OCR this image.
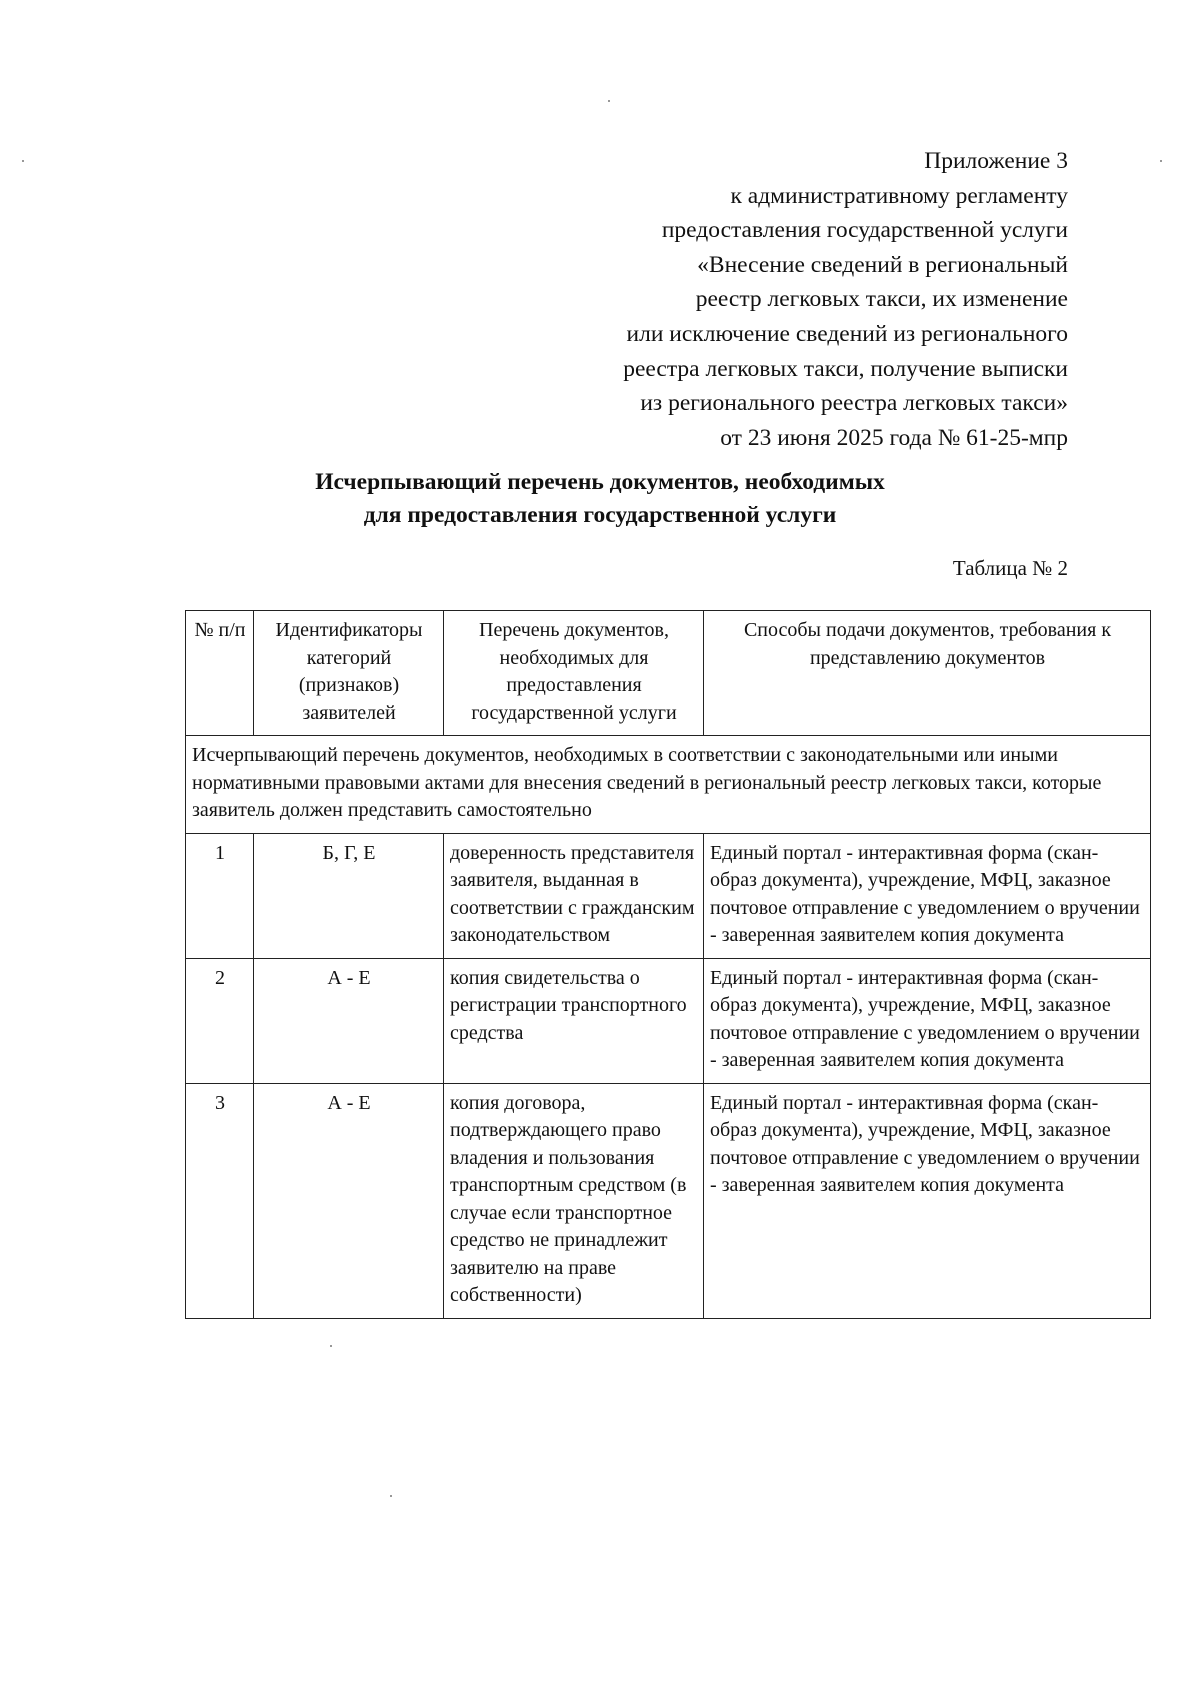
Приложение 3
к административному регламенту
предоставления государственной услуги
«Внесение сведений в региональный
реестр легковых такси, их изменение
или исключение сведений из регионального
реестра легковых такси, получение выписки
из регионального реестра легковых такси»
от 23 июня 2025 года № 61-25-мпр
Исчерпывающий перечень документов, необходимых
для предоставления государственной услуги
Таблица № 2
№ п/п	Идентификаторы категорий (признаков) заявителей	Перечень документов, необходимых для предоставления государственной услуги	Способы подачи документов, требования к представлению документов
Исчерпывающий перечень документов, необходимых в соответствии с законодательными или иными нормативными правовыми актами для внесения сведений в региональный реестр легковых такси, которые заявитель должен представить самостоятельно			
1	Б, Г, Е	доверенность представителя заявителя, выданная в соответствии с гражданским законодательством	Единый портал - интерактивная форма (скан-образ документа), учреждение, МФЦ, заказное почтовое отправление с уведомлением о вручении - заверенная заявителем копия документа
2	А - Е	копия свидетельства о регистрации транспортного средства	Единый портал - интерактивная форма (скан-образ документа), учреждение, МФЦ, заказное почтовое отправление с уведомлением о вручении - заверенная заявителем копия документа
3	А - Е	копия договора, подтверждающего право владения и пользования транспортным средством (в случае если транспортное средство не принадлежит заявителю на праве собственности)	Единый портал - интерактивная форма (скан-образ документа), учреждение, МФЦ, заказное почтовое отправление с уведомлением о вручении - заверенная заявителем копия документа
